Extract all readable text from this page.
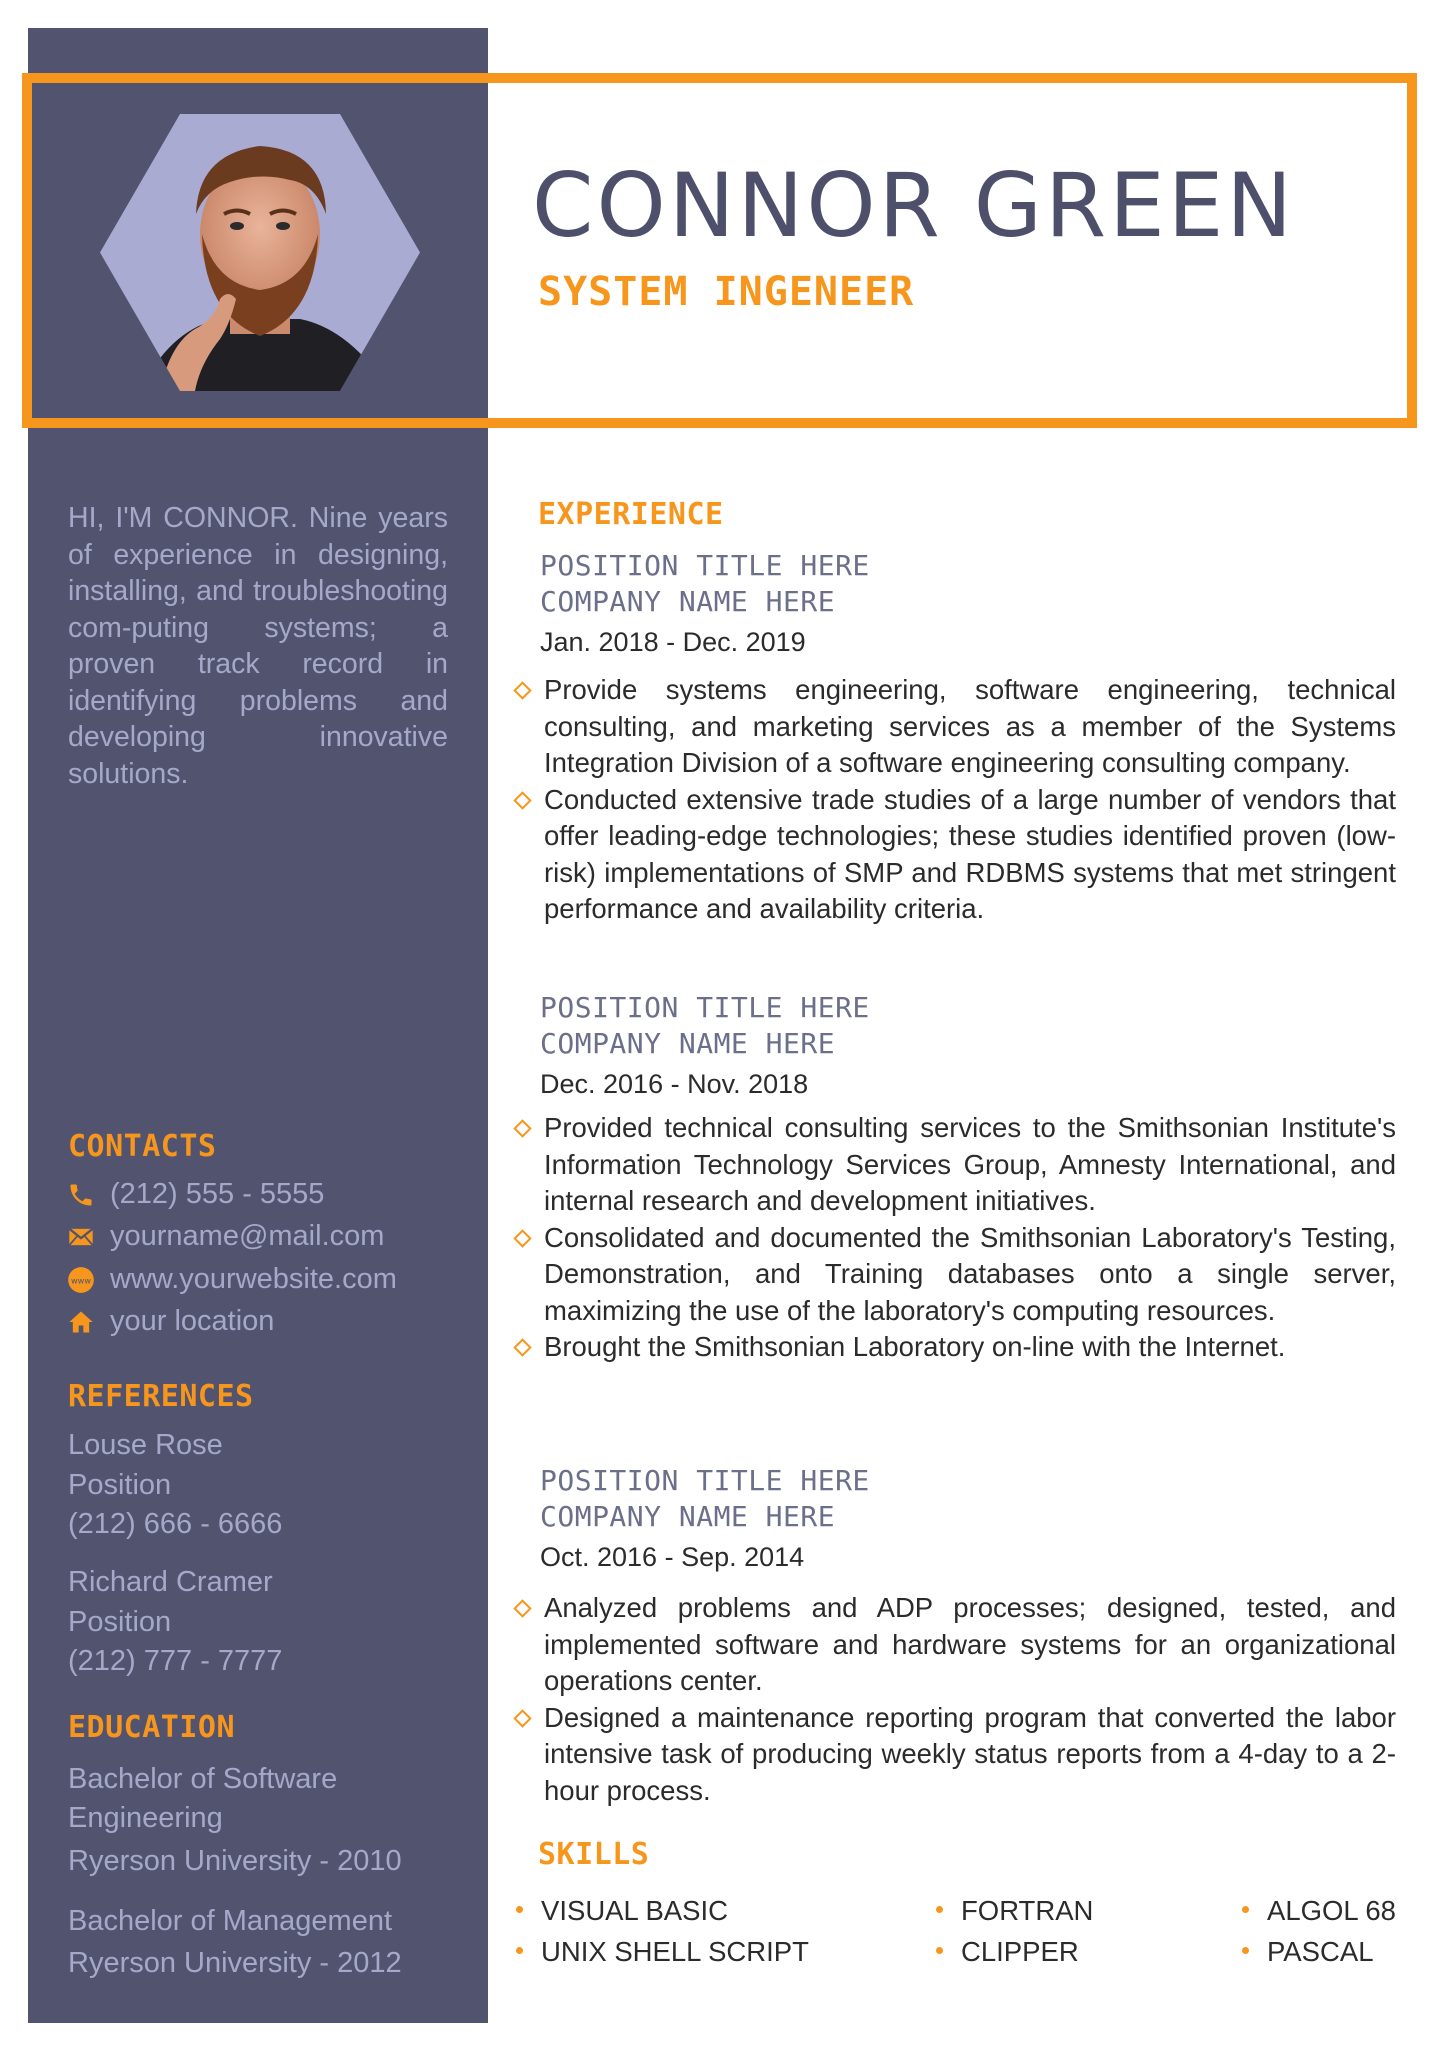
CONNOR GREEN
SYSTEM INGENEER
HI, I'M CONNOR. Nine years of experience in designing, installing, and troubleshooting com-puting systems; a proven track record in identifying problems and developing innovative solutions.
CONTACTS
(212) 555 - 5555
yourname@mail.com
www www.yourwebsite.com
your location
REFERENCES
Louse Rose
Position
(212) 666 - 6666
Richard Cramer
Position
(212) 777 - 7777
EDUCATION
Bachelor of Software
Engineering
Ryerson University - 2010
Bachelor of Management
Ryerson University - 2012
EXPERIENCE
POSITION TITLE HERE
COMPANY NAME HERE
Jan. 2018 - Dec. 2019
Provide systems engineering, software engineering, technical consulting, and marketing services as a member of the Systems Integration Division of a software engineering consulting company.
Conducted extensive trade studies of a large number of vendors that offer leading-edge technologies; these studies identified proven (low-risk) implementations of SMP and RDBMS systems that met stringent performance and availability criteria.
POSITION TITLE HERE
COMPANY NAME HERE
Dec. 2016 - Nov. 2018
Provided technical consulting services to the Smithsonian Institute's Information Technology Services Group, Amnesty International, and internal research and development initiatives.
Consolidated and documented the Smithsonian Laboratory's Testing, Demonstration, and Training databases onto a single server, maximizing the use of the laboratory's computing resources.
Brought the Smithsonian Laboratory on-line with the Internet.
POSITION TITLE HERE
COMPANY NAME HERE
Oct. 2016 - Sep. 2014
Analyzed problems and ADP processes; designed, tested, and implemented software and hardware systems for an organizational operations center.
Designed a maintenance reporting program that converted the labor intensive task of producing weekly status reports from a 4-day to a 2-hour process.
SKILLS
VISUAL BASIC	FORTRAN	ALGOL 68
UNIX SHELL SCRIPT	CLIPPER	PASCAL
